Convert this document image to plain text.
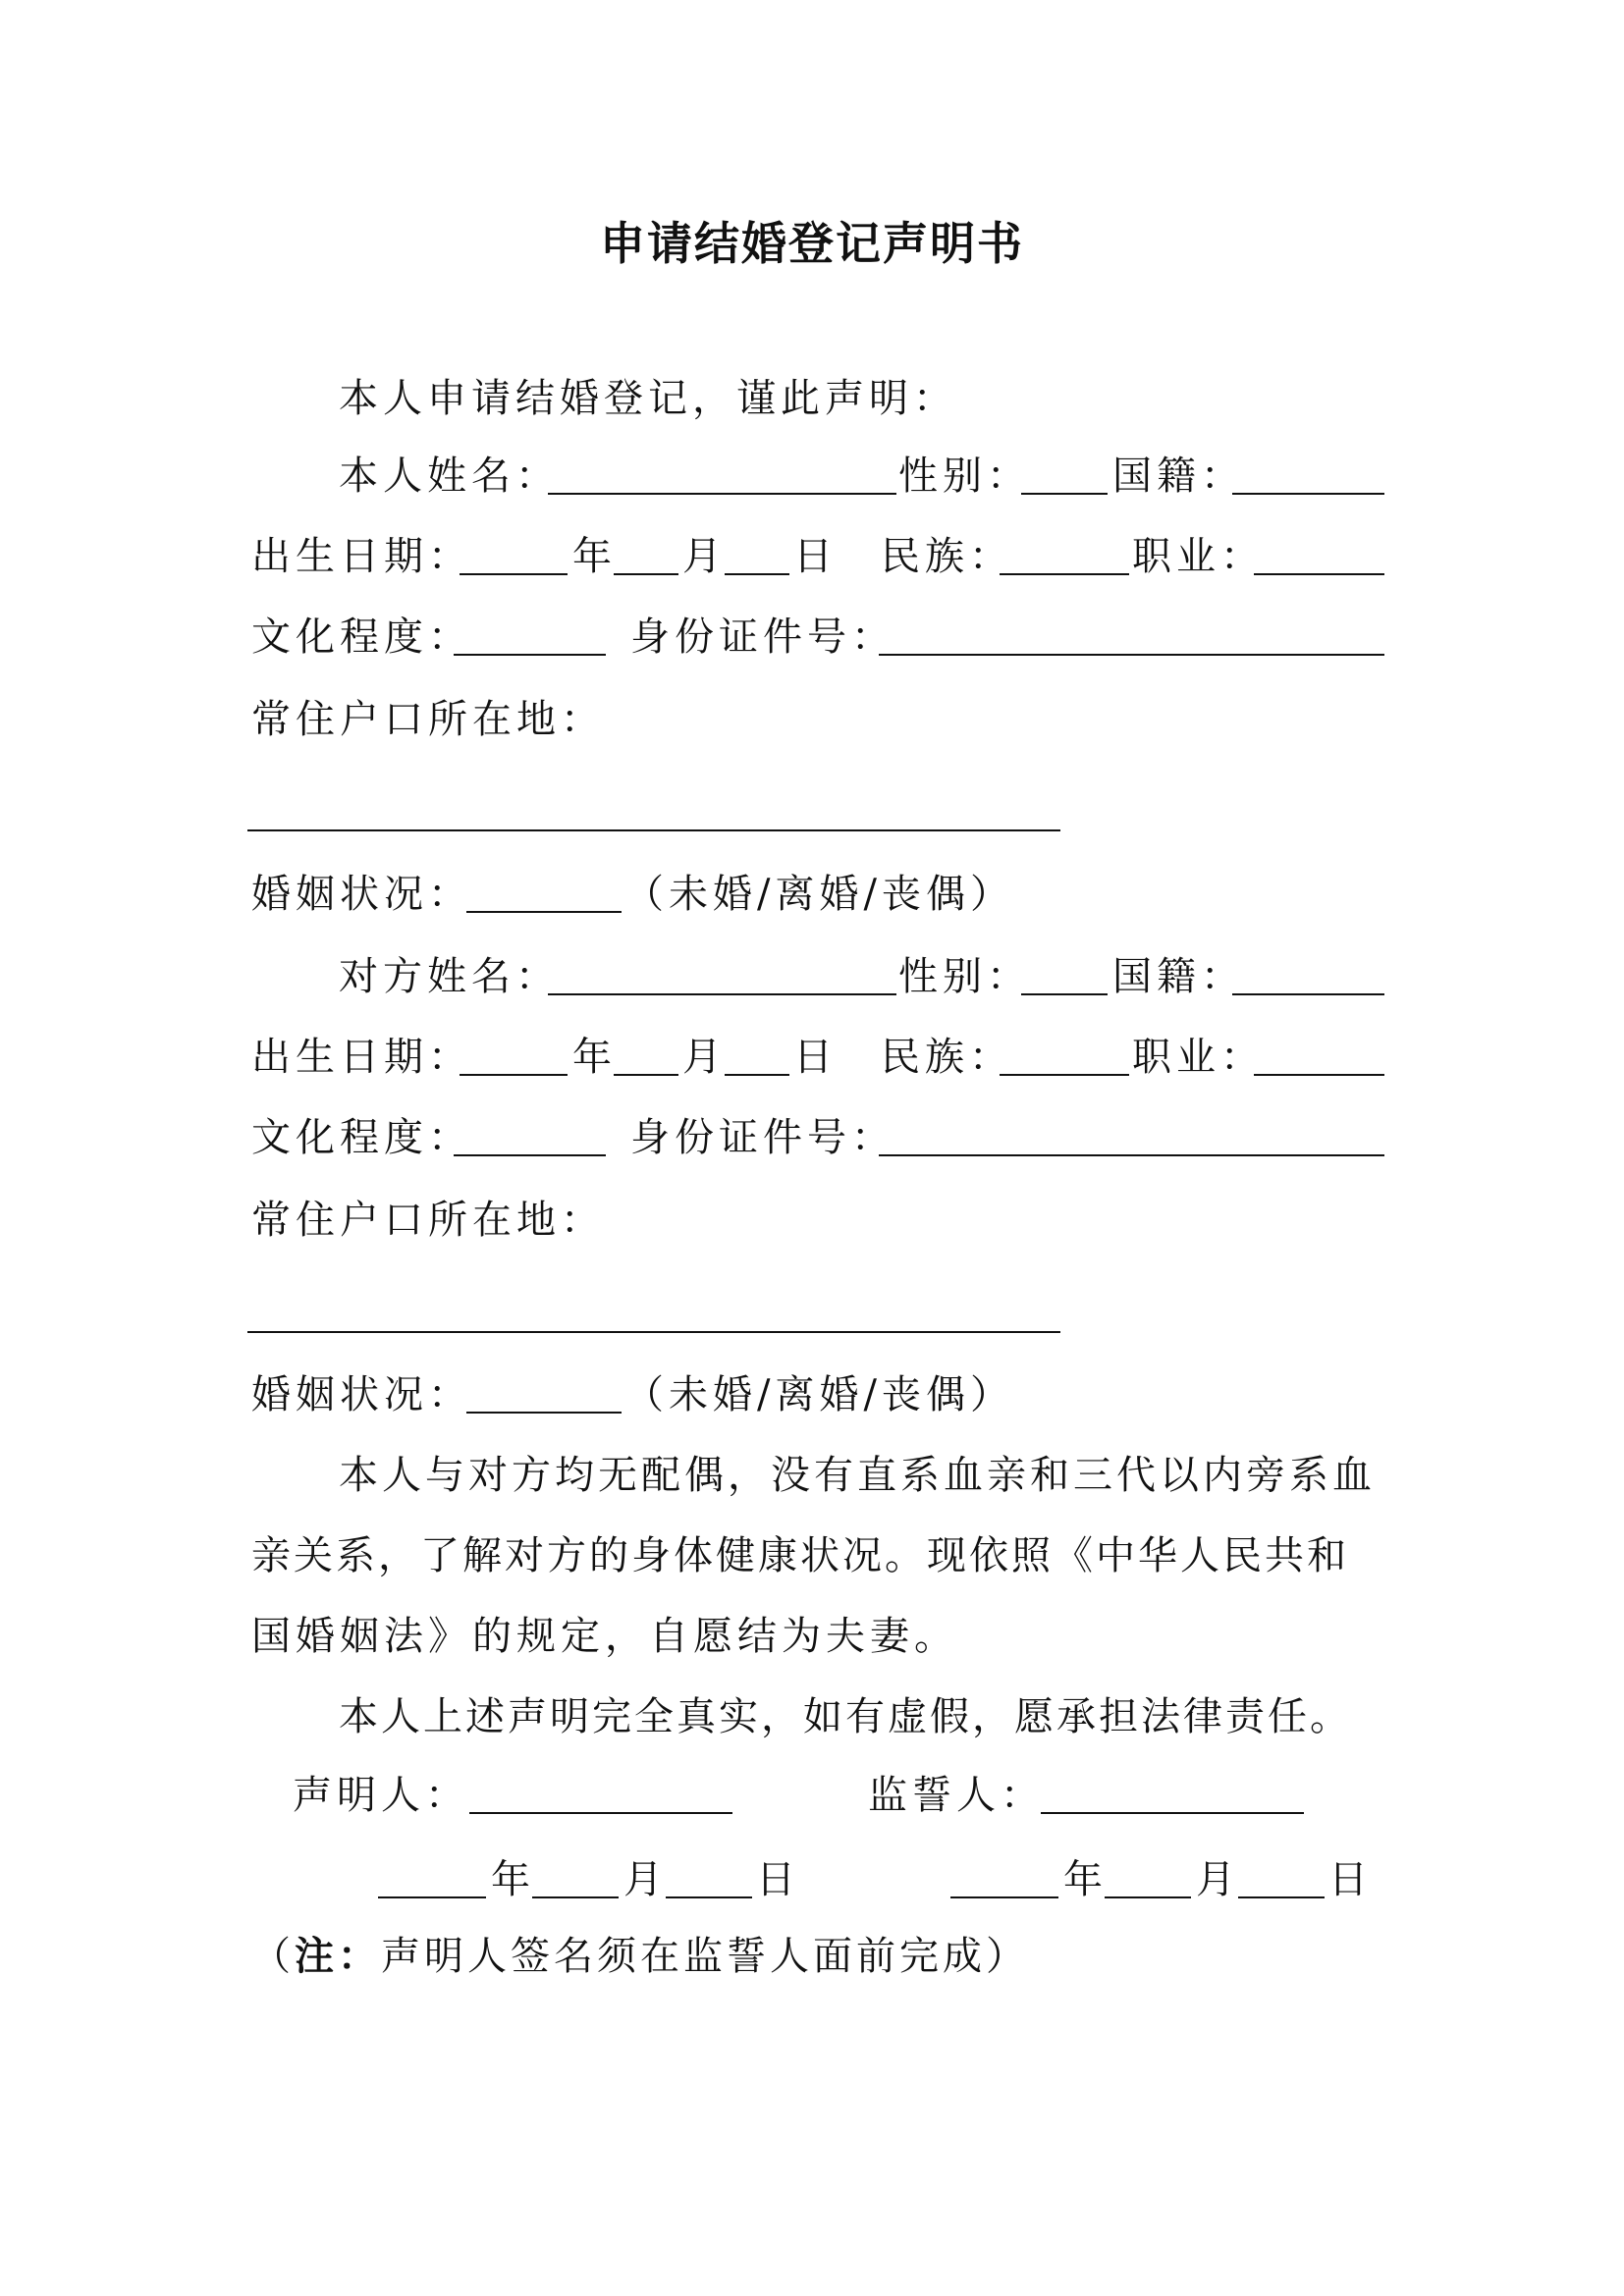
申请结婚登记声明书
本人申请结婚登记，谨此声明：
本人姓名：	性别： 国籍：
出生日期：	年 月 日 民族：	职业：
文化程度：	身份证件号：
常住户口所在地：
婚姻状况：	（未婚/离婚/丧偶）
对方姓名：	性别： 国籍：
出生日期：	年 月 日 民族：	职业：
文化程度：	身份证件号：
常住户口所在地：
婚姻状况：	（未婚/离婚/丧偶）
本人与对方均无配偶，没有直系血亲和三代以内旁系血
亲关系，了解对方的身体健康状况。现依照《中华人民共和
国婚姻法》的规定，自愿结为夫妻。
本人上述声明完全真实，如有虚假，愿承担法律责任。
声明人：	监誓人：
年 月 日	年 月 日
（注：声明人签名须在监誓人面前完成）
